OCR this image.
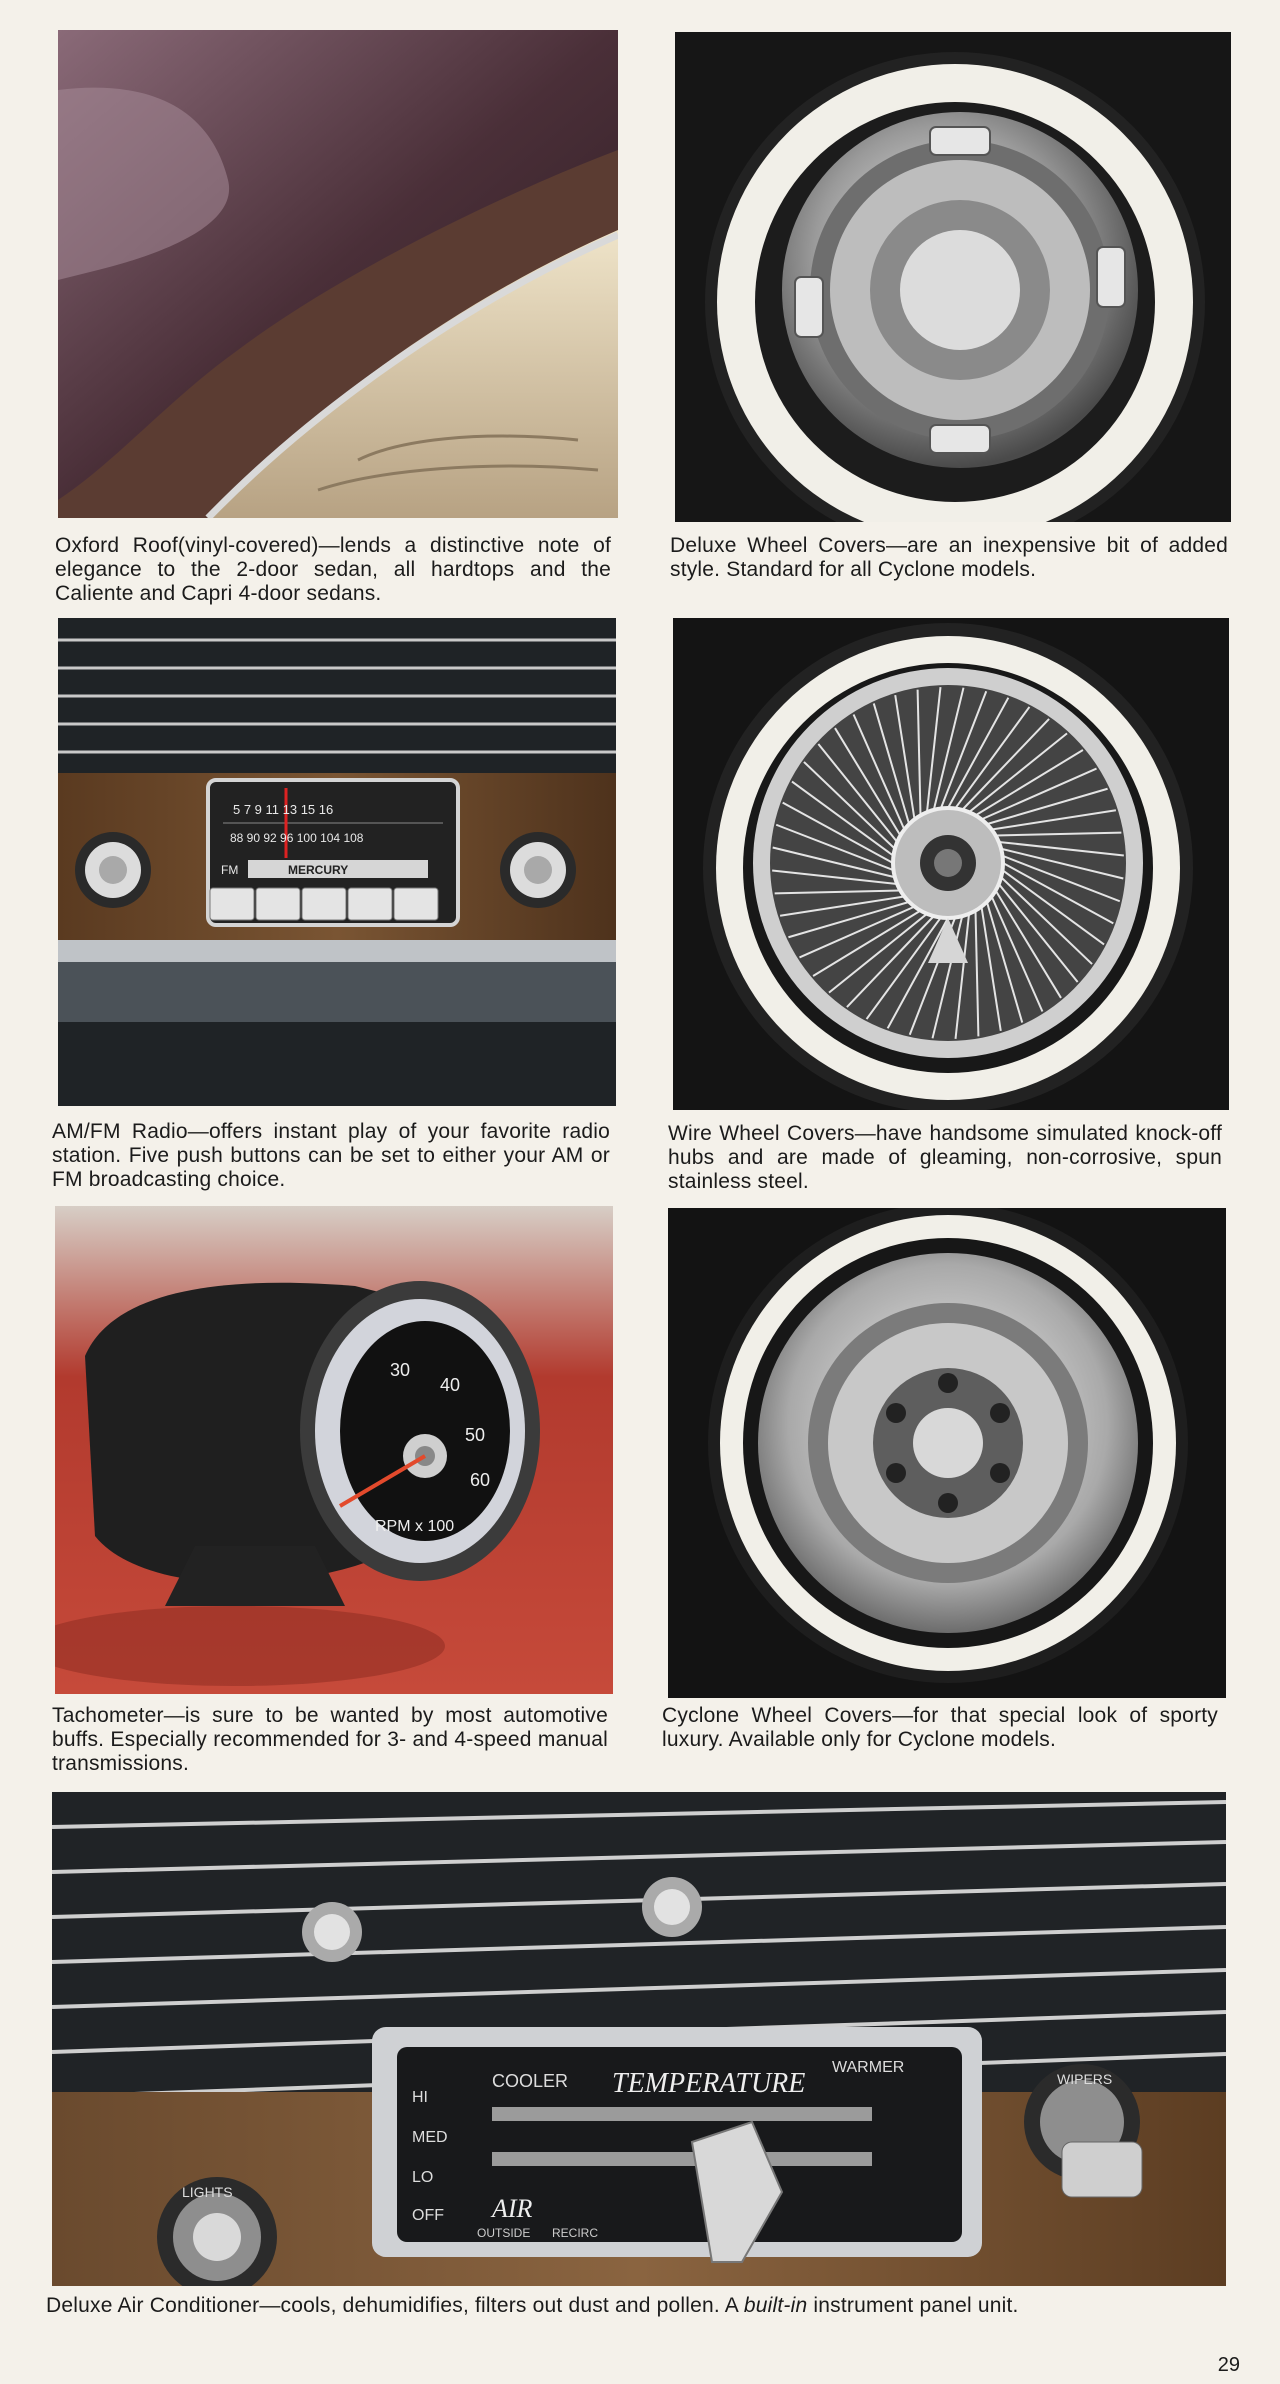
Oxford Roof(vinyl-covered)—lends a distinctive note of elegance to the 2-door sedan, all hardtops and the Caliente and Capri 4-door sedans.

Deluxe Wheel Covers—are an inexpensive bit of added style. Standard for all Cyclone models.

5 7 9 11 13 15 16
88 90 92 96 100 104 108
FM	MERCURY

AM/FM Radio—offers instant play of your favorite radio station. Five push buttons can be set to either your AM or FM broadcasting choice.

Wire Wheel Covers—have handsome simulated knock-off hubs and are made of gleaming, non-corrosive, spun stainless steel.

30
40
50
60
RPM x 100

Tachometer—is sure to be wanted by most automotive buffs. Especially recommended for 3- and 4-speed manual transmissions.

Cyclone Wheel Covers—for that special look of sporty luxury. Available only for Cyclone models.

COOLER TEMPERATURE
WARMER
HI
MED
LO
OFF AIR
OUTSIDE RECIRC
LIGHTS
WIPERS

Deluxe Air Conditioner—cools, dehumidifies, filters out dust and pollen. A built-in instrument panel unit.

29
